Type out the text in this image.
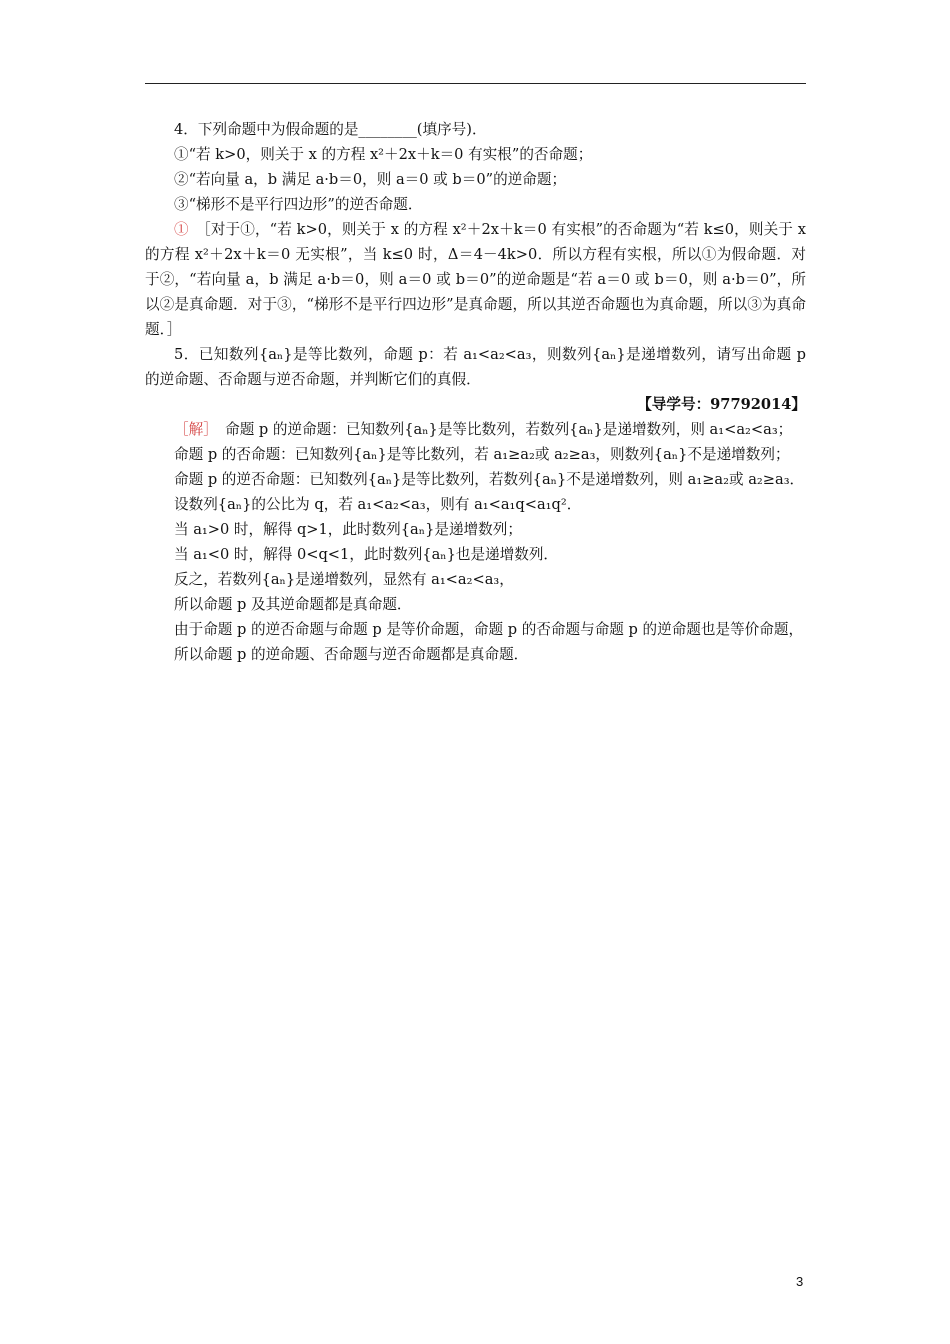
4．下列命题中为假命题的是________(填序号)．

①“若 k>0，则关于 x 的方程 x²＋2x＋k＝0 有实根”的否命题；

②“若向量 a，b 满足 a·b＝0，则 a＝0 或 b＝0”的逆命题；

③“梯形不是平行四边形”的逆否命题．

①　 ［对于①，“若 k>0，则关于 x 的方程 x²＋2x＋k＝0 有实根”的否命题为“若 k≤0，则关于 x 的方程 x²＋2x＋k＝0 无实根”，当 k≤0 时，Δ＝4－4k>0．所以方程有实根，所以①为假命题．对于②，“若向量 a，b 满足 a·b＝0，则 a＝0 或 b＝0”的逆命题是“若 a＝0 或 b＝0，则 a·b＝0”，所以②是真命题．对于③，“梯形不是平行四边形”是真命题，所以其逆否命题也为真命题，所以③为真命题．］

5．已知数列{aₙ}是等比数列，命题 p：若 a₁<a₂<a₃，则数列{aₙ}是递增数列，请写出命题 p 的逆命题、否命题与逆否命题，并判断它们的真假．

【导学号：97792014】

［解］　 命题 p 的逆命题：已知数列{aₙ}是等比数列，若数列{aₙ}是递增数列，则 a₁<a₂<a₃；

命题 p 的否命题：已知数列{aₙ}是等比数列，若 a₁≥a₂或 a₂≥a₃，则数列{aₙ}不是递增数列；

命题 p 的逆否命题：已知数列{aₙ}是等比数列，若数列{aₙ}不是递增数列，则 a₁≥a₂或 a₂≥a₃．

设数列{aₙ}的公比为 q，若 a₁<a₂<a₃，则有 a₁<a₁q<a₁q²．

当 a₁>0 时，解得 q>1，此时数列{aₙ}是递增数列；

当 a₁<0 时，解得 0<q<1，此时数列{aₙ}也是递增数列．

反之，若数列{aₙ}是递增数列，显然有 a₁<a₂<a₃，

所以命题 p 及其逆命题都是真命题．

由于命题 p 的逆否命题与命题 p 是等价命题，命题 p 的否命题与命题 p 的逆命题也是等价命题，

所以命题 p 的逆命题、否命题与逆否命题都是真命题．

3
